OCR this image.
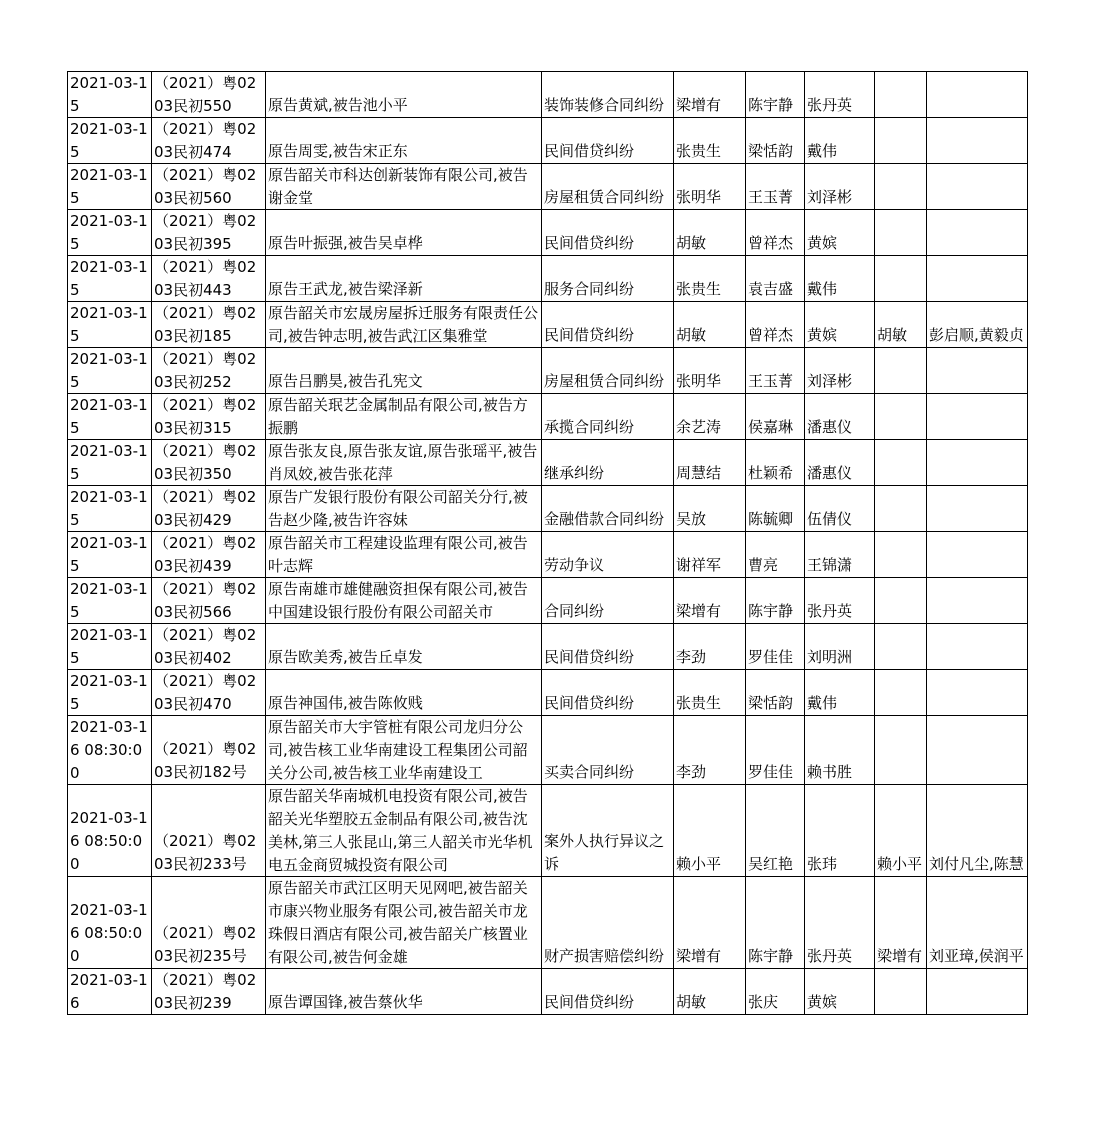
2021-03-15	（2021）粤0203民初550	原告黄斌,被告池小平	装饰装修合同纠纷	梁增有	陈宇静	张丹英		

2021-03-15	（2021）粤0203民初474	原告周雯,被告宋正东	民间借贷纠纷	张贵生	梁恬韵	戴伟		

2021-03-15	（2021）粤0203民初560	原告韶关市科达创新装饰有限公司,被告谢金堂	房屋租赁合同纠纷	张明华	王玉菁	刘泽彬		

2021-03-15	（2021）粤0203民初395	原告叶振强,被告吴卓桦	民间借贷纠纷	胡敏	曾祥杰	黄嫔		

2021-03-15	（2021）粤0203民初443	原告王武龙,被告梁泽新	服务合同纠纷	张贵生	袁吉盛	戴伟		

2021-03-15	（2021）粤0203民初185	原告韶关市宏晟房屋拆迁服务有限责任公司,被告钟志明,被告武江区集雅堂	民间借贷纠纷	胡敏	曾祥杰	黄嫔	胡敏	彭启顺,黄毅贞

2021-03-15	（2021）粤0203民初252	原告吕鹏昊,被告孔宪文	房屋租赁合同纠纷	张明华	王玉菁	刘泽彬		

2021-03-15	（2021）粤0203民初315	原告韶关珉艺金属制品有限公司,被告方振鹏	承揽合同纠纷	余艺涛	侯嘉琳	潘惠仪		

2021-03-15	（2021）粤0203民初350	原告张友良,原告张友谊,原告张瑶平,被告肖凤姣,被告张花萍	继承纠纷	周慧结	杜颖希	潘惠仪		

2021-03-15	（2021）粤0203民初429	原告广发银行股份有限公司韶关分行,被告赵少隆,被告许容妹	金融借款合同纠纷	吴放	陈毓卿	伍倩仪		

2021-03-15	（2021）粤0203民初439	原告韶关市工程建设监理有限公司,被告叶志辉	劳动争议	谢祥军	曹亮	王锦潇		

2021-03-15	（2021）粤0203民初566	原告南雄市雄健融资担保有限公司,被告中国建设银行股份有限公司韶关市	合同纠纷	梁增有	陈宇静	张丹英		

2021-03-15	（2021）粤0203民初402	原告欧美秀,被告丘卓发	民间借贷纠纷	李劲	罗佳佳	刘明洲		

2021-03-15	（2021）粤0203民初470	原告神国伟,被告陈攸贱	民间借贷纠纷	张贵生	梁恬韵	戴伟		

2021-03-16 08:30:00	（2021）粤0203民初182号	原告韶关市大宇管桩有限公司龙归分公司,被告核工业华南建设工程集团公司韶关分公司,被告核工业华南建设工	买卖合同纠纷	李劲	罗佳佳	赖书胜		

2021-03-16 08:50:00	（2021）粤0203民初233号	原告韶关华南城机电投资有限公司,被告韶关光华塑胶五金制品有限公司,被告沈美林,第三人张昆山,第三人韶关市光华机电五金商贸城投资有限公司	案外人执行异议之诉	赖小平	吴红艳	张玮	赖小平	刘付凡尘,陈慧

2021-03-16 08:50:00	（2021）粤0203民初235号	原告韶关市武江区明天见网吧,被告韶关市康兴物业服务有限公司,被告韶关市龙珠假日酒店有限公司,被告韶关广核置业有限公司,被告何金雄	财产损害赔偿纠纷	梁增有	陈宇静	张丹英	梁增有	刘亚璋,侯润平

2021-03-16	（2021）粤0203民初239	原告谭国锋,被告蔡伙华	民间借贷纠纷	胡敏	张庆	黄嫔		
